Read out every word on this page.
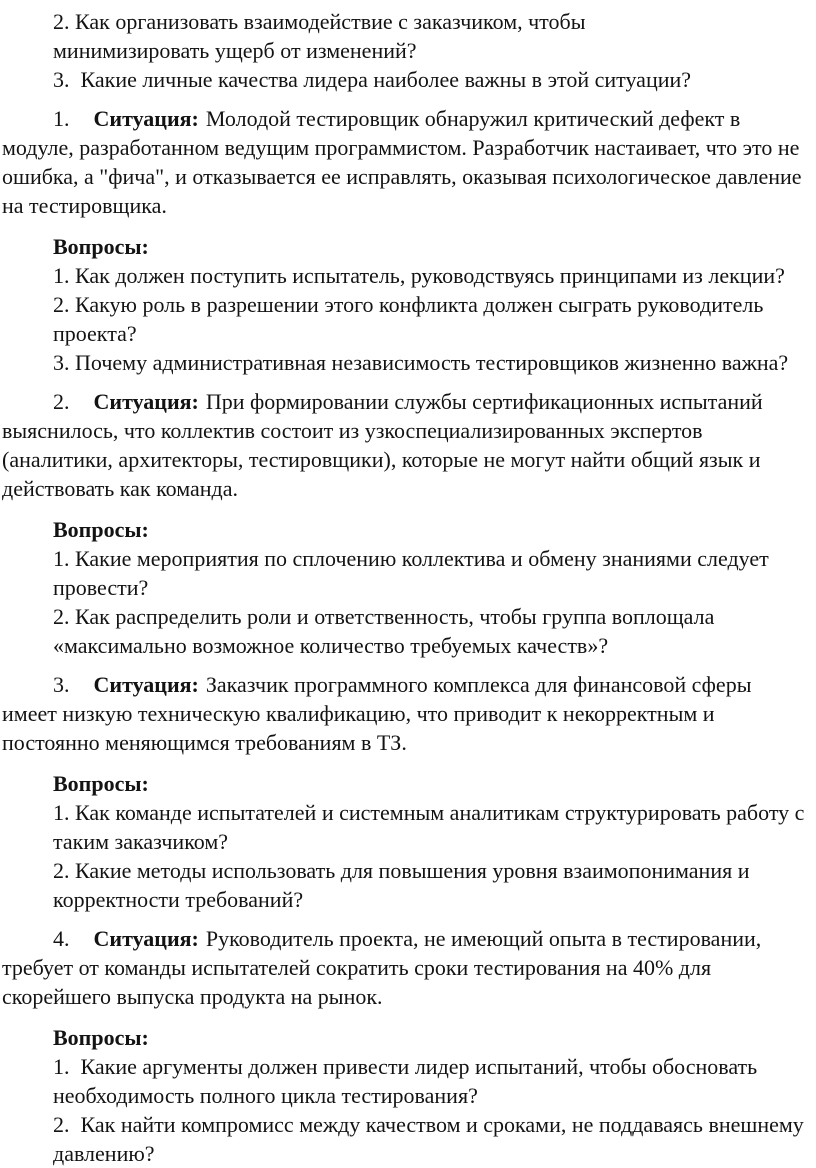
2. Как организовать взаимодействие с заказчиком, чтобы минимизировать ущерб от изменений?

3.  Какие личные качества лидера наиболее важны в этой ситуации?

1. Ситуация: Молодой тестировщик обнаружил критический дефект в модуле, разработанном ведущим программистом. Разработчик настаивает, что это не ошибка, а "фича", и отказывается ее исправлять, оказывая психологическое давление на тестировщика.

Вопросы:

1. Как должен поступить испытатель, руководствуясь принципами из лекции?

2. Какую роль в разрешении этого конфликта должен сыграть руководитель проекта?

3. Почему административная независимость тестировщиков жизненно важна?

2. Ситуация: При формировании службы сертификационных испытаний выяснилось, что коллектив состоит из узкоспециализированных экспертов (аналитики, архитекторы, тестировщики), которые не могут найти общий язык и действовать как команда.

Вопросы:

1. Какие мероприятия по сплочению коллектива и обмену знаниями следует провести?

2. Как распределить роли и ответственность, чтобы группа воплощала «максимально возможное количество требуемых качеств»?

3. Ситуация: Заказчик программного комплекса для финансовой сферы имеет низкую техническую квалификацию, что приводит к некорректным и постоянно меняющимся требованиям в ТЗ.

Вопросы:

1. Как команде испытателей и системным аналитикам структурировать работу с таким заказчиком?

2. Какие методы использовать для повышения уровня взаимопонимания и корректности требований?

4. Ситуация: Руководитель проекта, не имеющий опыта в тестировании, требует от команды испытателей сократить сроки тестирования на 40% для скорейшего выпуска продукта на рынок.

Вопросы:

1.  Какие аргументы должен привести лидер испытаний, чтобы обосновать необходимость полного цикла тестирования?

2.  Как найти компромисс между качеством и сроками, не поддаваясь внешнему давлению?
